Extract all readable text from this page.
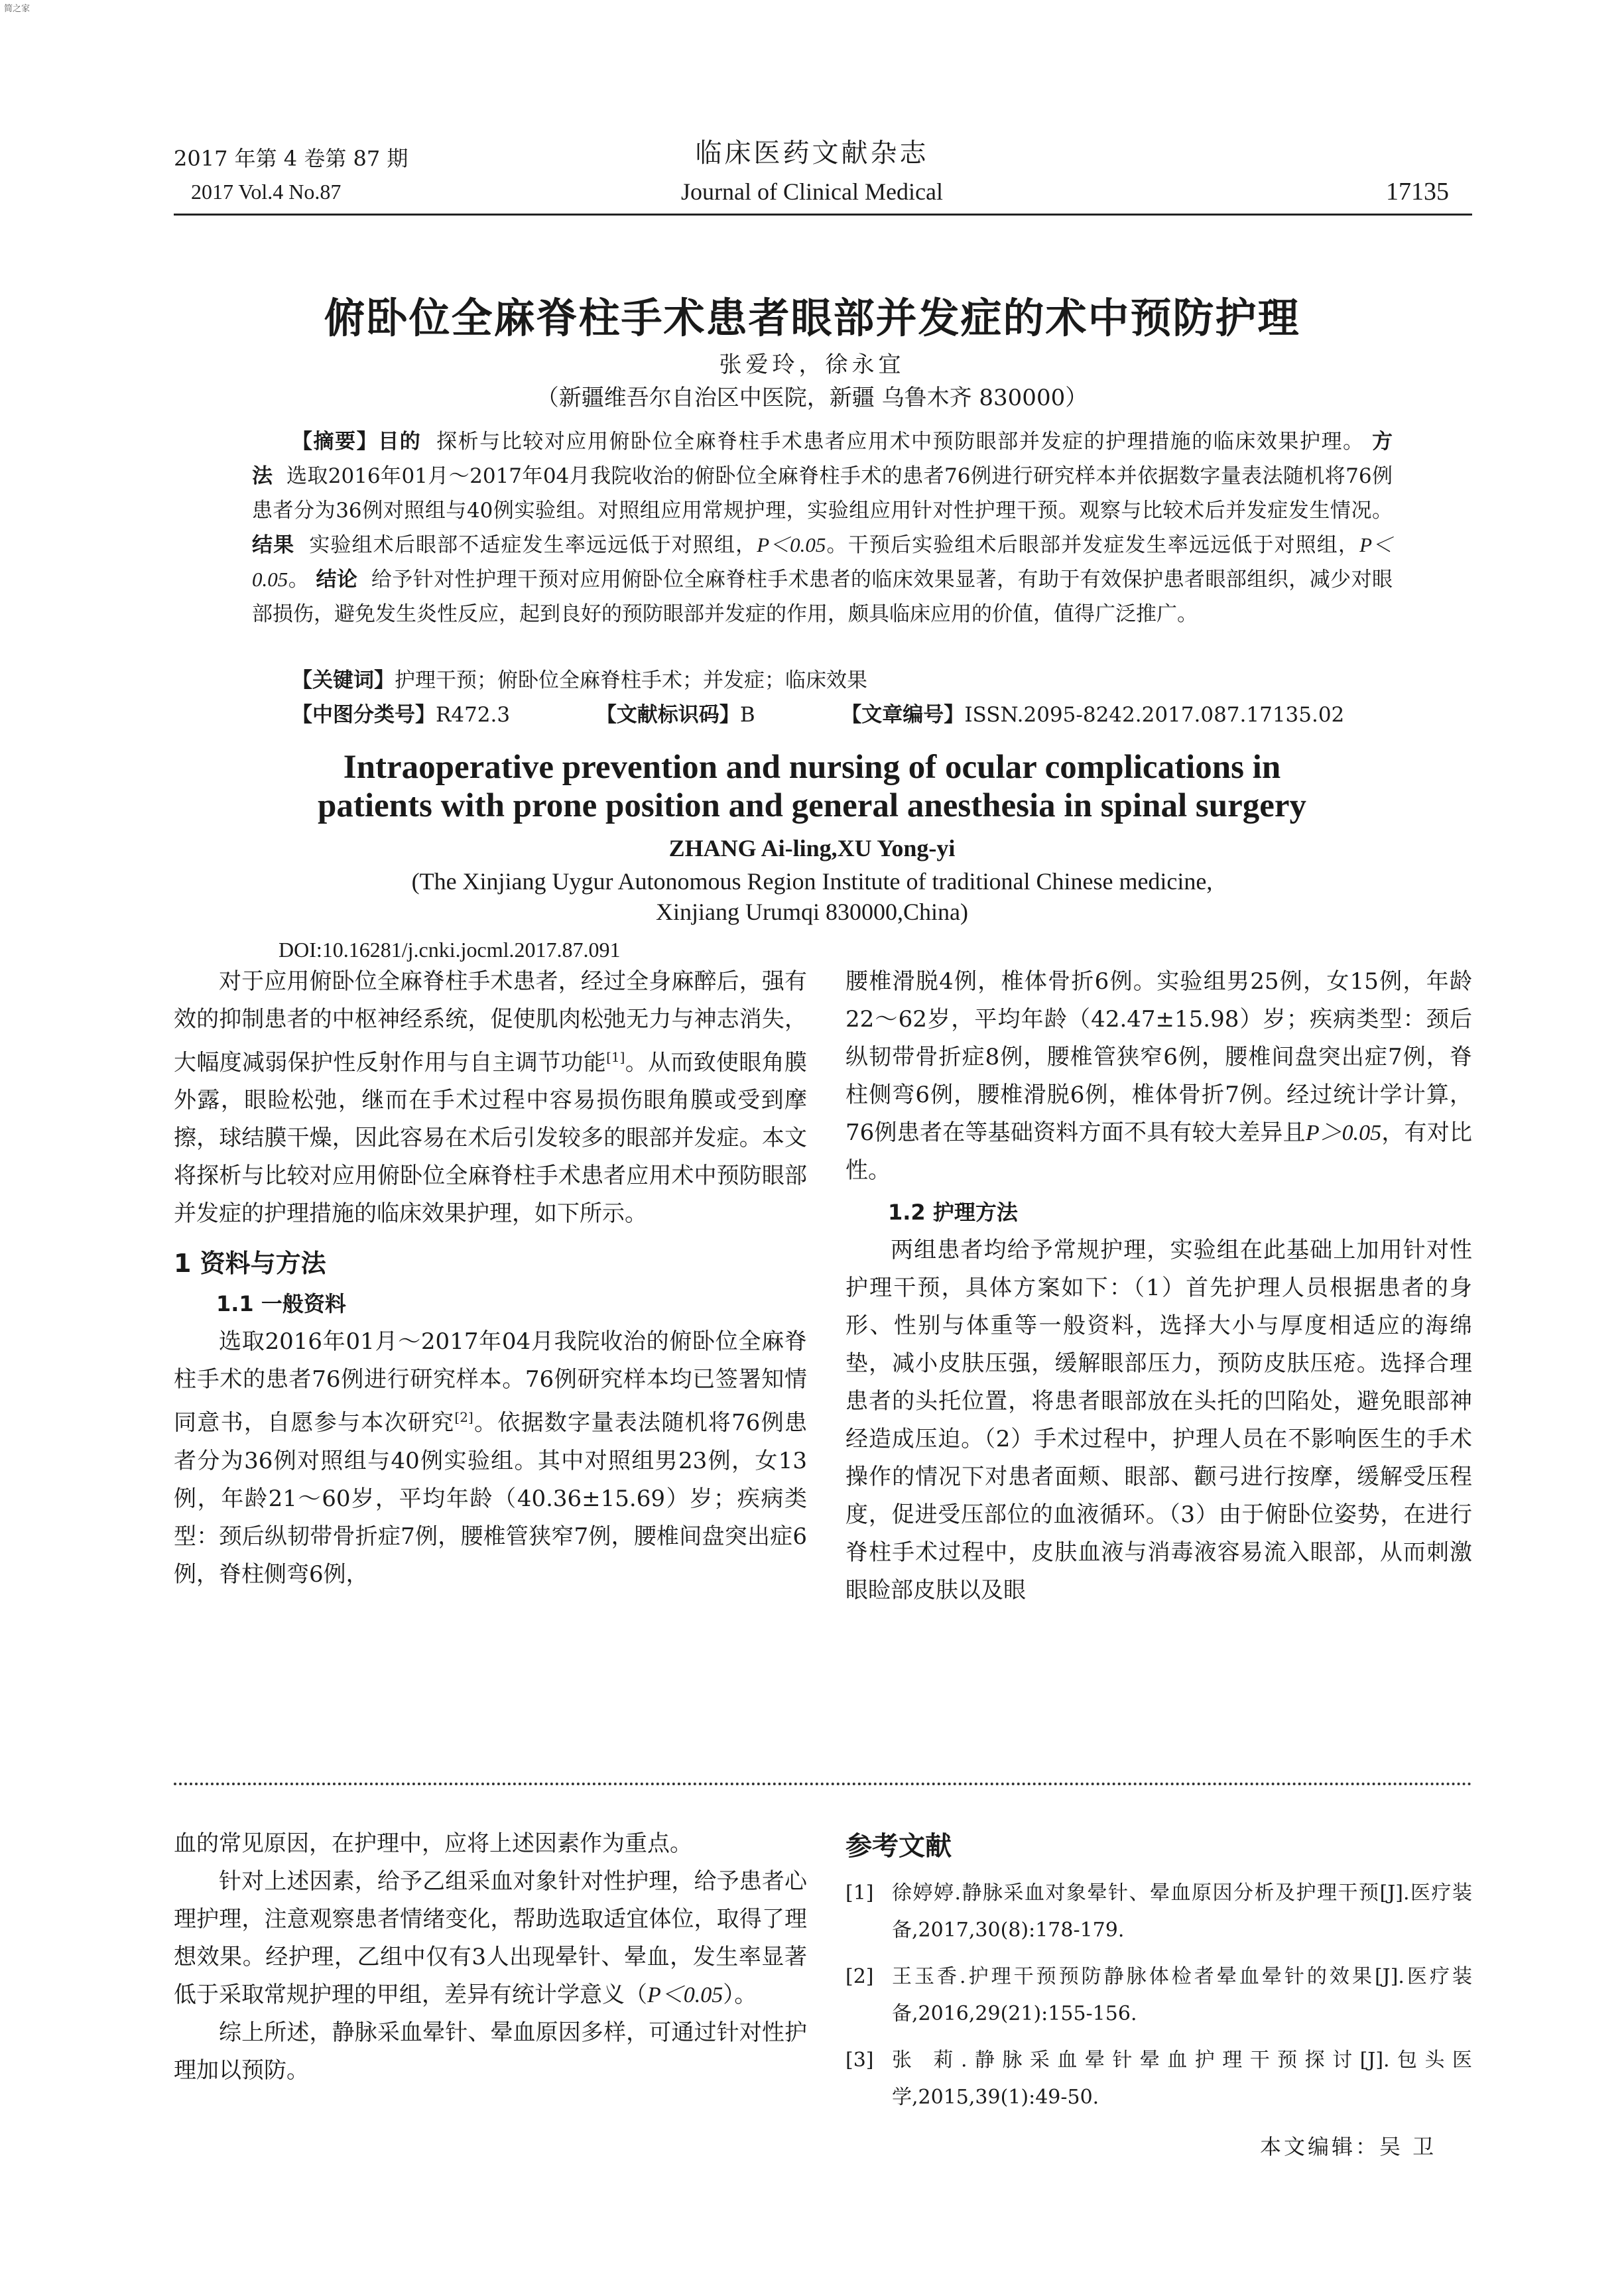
简之家
2017 年第 4 卷第 87 期
2017 Vol.4 No.87
临床医药文献杂志
Journal of Clinical Medical	17135
俯卧位全麻脊柱手术患者眼部并发症的术中预防护理
张爱玲，徐永宜
（新疆维吾尔自治区中医院，新疆 乌鲁木齐 830000）
【摘要】目的 探析与比较对应用俯卧位全麻脊柱手术患者应用术中预防眼部并发症的护理措施的临床效果护理。 方法 选取2016年01月～2017年04月我院收治的俯卧位全麻脊柱手术的患者76例进行研究样本并依据数字量表法随机将76例患者分为36例对照组与40例实验组。对照组应用常规护理，实验组应用针对性护理干预。观察与比较术后并发症发生情况。 结果 实验组术后眼部不适症发生率远远低于对照组，P＜0.05。干预后实验组术后眼部并发症发生率远远低于对照组，P＜0.05。 结论 给予针对性护理干预对应用俯卧位全麻脊柱手术患者的临床效果显著，有助于有效保护患者眼部组织，减少对眼部损伤，避免发生炎性反应，起到良好的预防眼部并发症的作用，颇具临床应用的价值，值得广泛推广。
【关键词】护理干预；俯卧位全麻脊柱手术；并发症；临床效果
【中图分类号】R472.3	【文献标识码】B	【文章编号】ISSN.2095-8242.2017.087.17135.02
Intraoperative prevention and nursing of ocular complications in
patients with prone position and general anesthesia in spinal surgery
ZHANG Ai-ling,XU Yong-yi
(The Xinjiang Uygur Autonomous Region Institute of traditional Chinese medicine,
Xinjiang Urumqi 830000,China)
DOI:10.16281/j.cnki.jocml.2017.87.091

对于应用俯卧位全麻脊柱手术患者，经过全身麻醉后，强有效的抑制患者的中枢神经系统，促使肌肉松弛无力与神志消失，大幅度减弱保护性反射作用与自主调节功能[1]。从而致使眼角膜外露，眼睑松弛，继而在手术过程中容易损伤眼角膜或受到摩擦，球结膜干燥，因此容易在术后引发较多的眼部并发症。本文将探析与比较对应用俯卧位全麻脊柱手术患者应用术中预防眼部并发症的护理措施的临床效果护理，如下所示。

1 资料与方法
1.1 一般资料

选取2016年01月～2017年04月我院收治的俯卧位全麻脊柱手术的患者76例进行研究样本。76例研究样本均已签署知情同意书，自愿参与本次研究[2]。依据数字量表法随机将76例患者分为36例对照组与40例实验组。其中对照组男23例，女13例，年龄21～60岁，平均年龄（40.36±15.69）岁；疾病类型：颈后纵韧带骨折症7例，腰椎管狭窄7例，腰椎间盘突出症6例，脊柱侧弯6例，

腰椎滑脱4例，椎体骨折6例。实验组男25例，女15例，年龄22～62岁，平均年龄（42.47±15.98）岁；疾病类型：颈后纵韧带骨折症8例，腰椎管狭窄6例，腰椎间盘突出症7例，脊柱侧弯6例，腰椎滑脱6例，椎体骨折7例。经过统计学计算，76例患者在等基础资料方面不具有较大差异且P＞0.05，有对比性。

1.2 护理方法

两组患者均给予常规护理，实验组在此基础上加用针对性护理干预，具体方案如下：（1）首先护理人员根据患者的身形、性别与体重等一般资料，选择大小与厚度相适应的海绵垫，减小皮肤压强，缓解眼部压力，预防皮肤压疮。选择合理患者的头托位置，将患者眼部放在头托的凹陷处，避免眼部神经造成压迫。（2）手术过程中，护理人员在不影响医生的手术操作的情况下对患者面颊、眼部、颧弓进行按摩，缓解受压程度，促进受压部位的血液循环。（3）由于俯卧位姿势，在进行脊柱手术过程中，皮肤血液与消毒液容易流入眼部，从而刺激眼睑部皮肤以及眼

血的常见原因，在护理中，应将上述因素作为重点。

针对上述因素，给予乙组采血对象针对性护理，给予患者心理护理，注意观察患者情绪变化，帮助选取适宜体位，取得了理想效果。经护理，乙组中仅有3人出现晕针、晕血，发生率显著低于采取常规护理的甲组，差异有统计学意义（P＜0.05）。

综上所述，静脉采血晕针、晕血原因多样，可通过针对性护理加以预防。

参考文献
[1] 徐婷婷.静脉采血对象晕针、晕血原因分析及护理干预[J].医疗装备,2017,30(8):178-179.
[2] 王玉香.护理干预预防静脉体检者晕血晕针的效果[J].医疗装备,2016,29(21):155-156.
[3] 张 莉.静脉采血晕针晕血护理干预探讨[J].包头医学,2015,39(1):49-50.
本文编辑：吴 卫
